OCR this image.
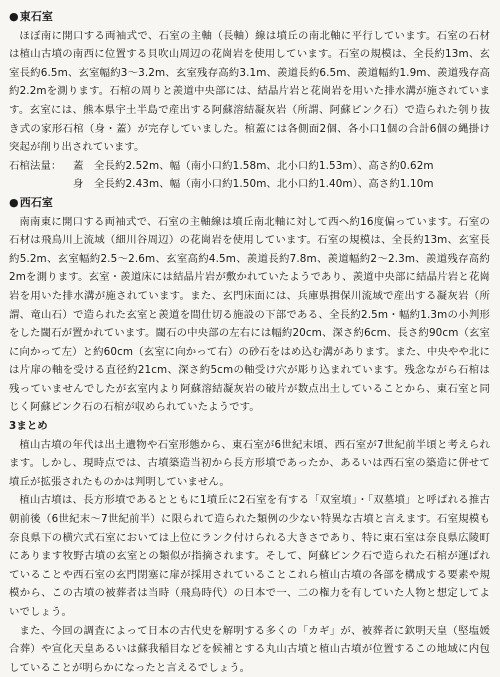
●東石室

ほぼ南に開口する両袖式で、石室の主軸（長軸）線は墳丘の南北軸に平行しています。石室の石材は植山古墳の南西に位置する貝吹山周辺の花崗岩を使用しています。石室の規模は、全長約13m、玄室長約6.5m、玄室幅約3～3.2m、玄室残存高約3.1m、羨道長約6.5m、羨道幅約1.9m、羨道残存高約2.2mを測ります。石棺の周りと羨道中央部には、結晶片岩と花崗岩を用いた排水溝が施されています。玄室には、熊本県宇土半島で産出する阿蘇溶結凝灰岩（所謂、阿蘇ピンク石）で造られた刳り抜き式の家形石棺（身・蓋）が完存していました。棺蓋には各側面2個、各小口1個の合計6個の縄掛け突起が削り出されています。

石棺法量： 蓋　 全長約2.52m、幅（南小口約1.58m、北小口約1.53m）、高さ約0.62m
身　 全長約2.43m、幅（南小口約1.50m、北小口約1.40m）、高さ約1.10m
●西石室

南南東に開口する両袖式で、石室の主軸線は墳丘南北軸に対して西へ約16度偏っています。石室の石材は飛鳥川上流域（細川谷周辺）の花崗岩を使用しています。石室の規模は、全長約13m、玄室長約5.2m、玄室幅約2.5～2.6m、玄室高約4.5m、羨道長約7.8m、羨道幅約2～2.3m、羨道残存高約2mを測ります。玄室・羨道床には結晶片岩が敷かれていたようであり、羨道中央部に結晶片岩と花崗岩を用いた排水溝が施されています。また、玄門床面には、兵庫県揖保川流域で産出する凝灰岩（所謂、竜山石）で造られた玄室と羨道を間仕切る施設の下部である、全長約2.5m・幅約1.3mの小判形をした閾石が置かれています。閾石の中央部の左右には幅約20cm、深さ約6cm、長さ約90cm（玄室に向かって左）と約60cm（玄室に向かって右）の砂石をはめ込む溝があります。また、中央やや北には片扉の軸を受ける直径約21cm、深さ約5cmの軸受け穴が彫り込まれています。残念ながら石棺は残っていませんでしたが玄室内より阿蘇溶結凝灰岩の破片が数点出土していることから、東石室と同じく阿蘇ピンク石の石棺が収められていたようです。

3まとめ

植山古墳の年代は出土遺物や石室形態から、東石室が6世紀末頃、西石室が7世紀前半頃と考えられます。しかし、現時点では、古墳築造当初から長方形墳であったか、あるいは西石室の築造に併せて墳丘が拡張されたものかは判明していません。

植山古墳は、長方形墳であるとともに1墳丘に2石室を有する「双室墳」・「双墓墳」と呼ばれる推古朝前後（6世紀末～7世紀前半）に限られて造られた類例の少ない特異な古墳と言えます。石室規模も奈良県下の横穴式石室においては上位にランク付けられる大きさであり、特に東石室は奈良県広陵町にあります牧野古墳の玄室との類似が指摘されます。そして、阿蘇ピンク石で造られた石棺が運ばれていることや西石室の玄門閉塞に扉が採用されていることこれら植山古墳の各部を構成する要素や規模から、この古墳の被葬者は当時（飛鳥時代）の日本で一、二の権力を有していた人物と想定してよいでしょう。

また、今回の調査によって日本の古代史を解明する多くの「カギ」が、被葬者に欽明天皇（堅塩媛合葬）や宣化天皇あるいは蘇我稲目などを候補とする丸山古墳と植山古墳が位置するこの地域に内包していることが明らかになったと言えるでしょう。
